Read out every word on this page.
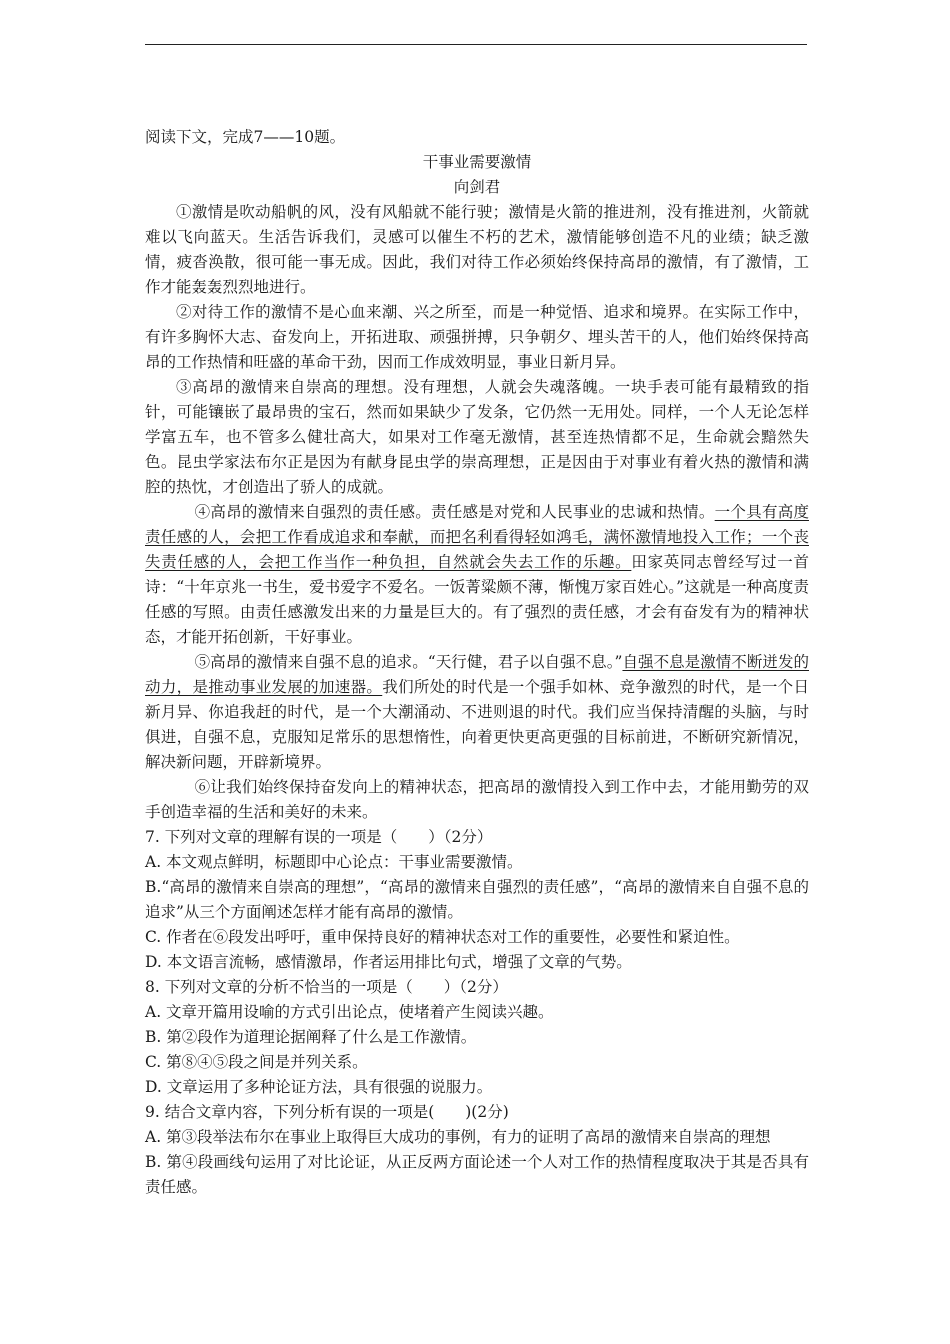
阅读下文，完成7——10题。

干事业需要激情

向剑君

①激情是吹动船帆的风，没有风船就不能行驶；激情是火箭的推进剂，没有推进剂，火箭就难以飞向蓝天。生活告诉我们，灵感可以催生不朽的艺术，激情能够创造不凡的业绩；缺乏激情，疲沓涣散，很可能一事无成。因此，我们对待工作必须始终保持高昂的激情，有了激情，工作才能轰轰烈烈地进行。

②对待工作的激情不是心血来潮、兴之所至，而是一种觉悟、追求和境界。在实际工作中，有许多胸怀大志、奋发向上，开拓进取、顽强拼搏，只争朝夕、埋头苦干的人，他们始终保持高昂的工作热情和旺盛的革命干劲，因而工作成效明显，事业日新月异。

③高昂的激情来自崇高的理想。没有理想，人就会失魂落魄。一块手表可能有最精致的指针，可能镶嵌了最昂贵的宝石，然而如果缺少了发条，它仍然一无用处。同样，一个人无论怎样学富五车，也不管多么健壮高大，如果对工作毫无激情，甚至连热情都不足，生命就会黯然失色。昆虫学家法布尔正是因为有献身昆虫学的崇高理想，正是因由于对事业有着火热的激情和满腔的热忱，才创造出了骄人的成就。

④高昂的激情来自强烈的责任感。责任感是对党和人民事业的忠诚和热情。一个具有高度责任感的人，会把工作看成追求和奉献，而把名利看得轻如鸿毛，满怀激情地投入工作；一个丧失责任感的人，会把工作当作一种负担，自然就会失去工作的乐趣。田家英同志曾经写过一首诗：“十年京兆一书生，爱书爱字不爱名。一饭菁粱颇不薄，惭愧万家百姓心。”这就是一种高度责任感的写照。由责任感激发出来的力量是巨大的。有了强烈的责任感，才会有奋发有为的精神状态，才能开拓创新，干好事业。

⑤高昂的激情来自强不息的追求。“天行健，君子以自强不息。”自强不息是激情不断迸发的动力，是推动事业发展的加速器。我们所处的时代是一个强手如林、竞争激烈的时代，是一个日新月异、你追我赶的时代，是一个大潮涌动、不进则退的时代。我们应当保持清醒的头脑，与时俱进，自强不息，克服知足常乐的思想惰性，向着更快更高更强的目标前进，不断研究新情况，解决新问题，开辟新境界。

⑥让我们始终保持奋发向上的精神状态，把高昂的激情投入到工作中去，才能用勤劳的双手创造幸福的生活和美好的未来。

7. 下列对文章的理解有误的一项是（　　）（2分）

A. 本文观点鲜明，标题即中心论点：干事业需要激情。

B.“高昂的激情来自崇高的理想”，“高昂的激情来自强烈的责任感”，“高昂的激情来自自强不息的追求”从三个方面阐述怎样才能有高昂的激情。

C. 作者在⑥段发出呼吁，重申保持良好的精神状态对工作的重要性，必要性和紧迫性。

D. 本文语言流畅，感情激昂，作者运用排比句式，增强了文章的气势。

8. 下列对文章的分析不恰当的一项是（　　）（2分）

A. 文章开篇用设喻的方式引出论点，使堵着产生阅读兴趣。

B. 第②段作为道理论据阐释了什么是工作激情。

C. 第⑧④⑤段之间是并列关系。

D. 文章运用了多种论证方法，具有很强的说服力。

9. 结合文章内容，下列分析有误的一项是(　　)(2分)

A. 第③段举法布尔在事业上取得巨大成功的事例，有力的证明了高昂的激情来自崇高的理想

B. 第④段画线句运用了对比论证，从正反两方面论述一个人对工作的热情程度取决于其是否具有责任感。
